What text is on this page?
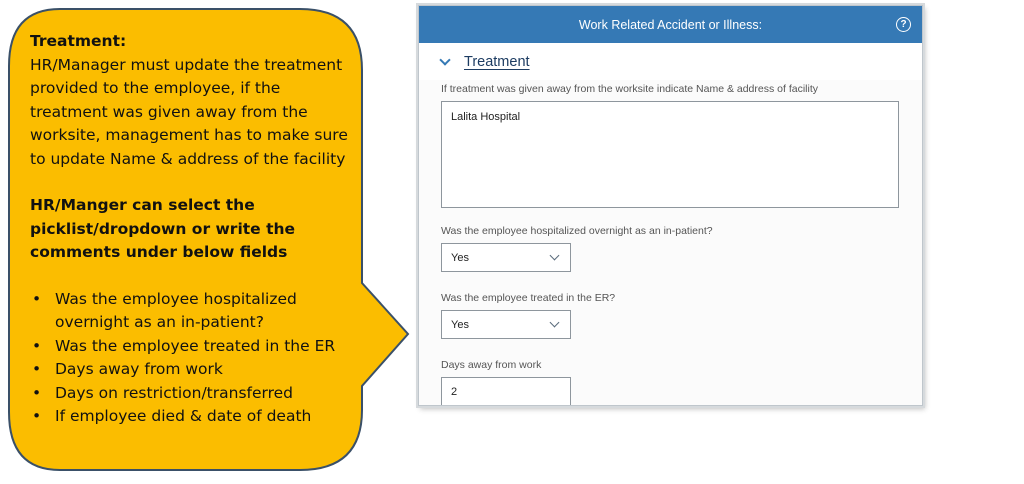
Treatment:
HR/Manager must update the treatment provided to the employee, if the treatment was given away from the worksite, management has to make sure to update Name & address of the facility
HR/Manger can select the picklist/dropdown or write the comments under below fields
• Was the employee hospitalized overnight as an in-patient?
• Was the employee treated in the ER
• Days away from work
• Days on restriction/transferred
• If employee died & date of death
Work Related Accident or Illness:	?
Treatment
If treatment was given away from the worksite indicate Name & address of facility
Lalita Hospital
Was the employee hospitalized overnight as an in-patient?
Yes
Was the employee treated in the ER?
Yes
Days away from work
2
